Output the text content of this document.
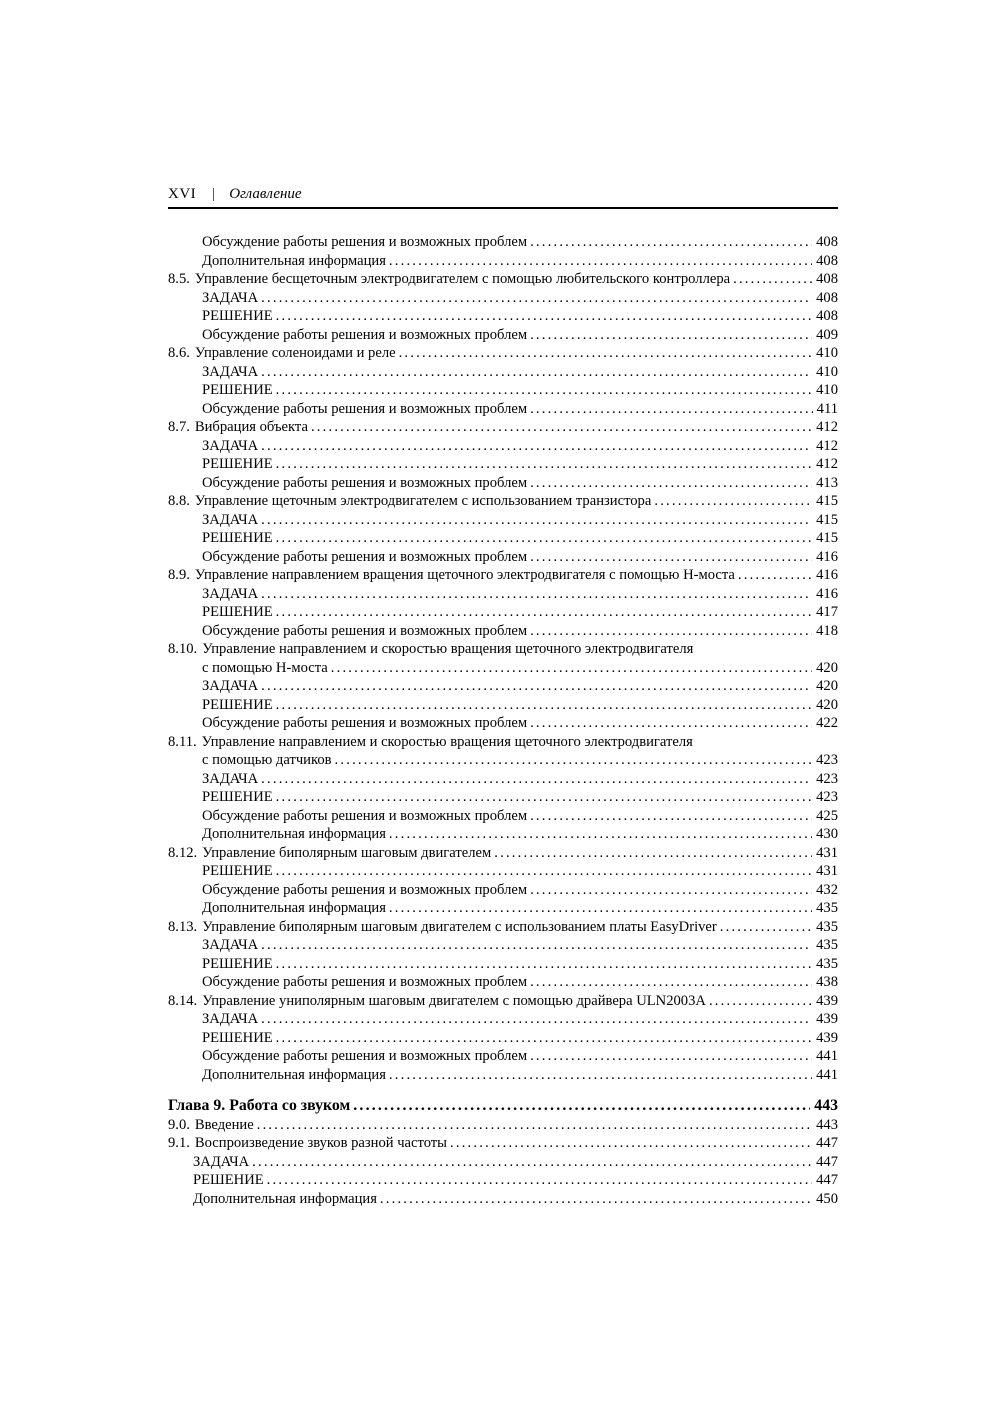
XVI | Оглавление
Обсуждение работы решения и возможных проблем .....	408
Дополнительная информация .....	408
8.5. Управление бесщеточным электродвигателем с помощью любительского контроллера .....	408
ЗАДАЧА .....	408
РЕШЕНИЕ .....	408
Обсуждение работы решения и возможных проблем .....	409
8.6. Управление соленоидами и реле .....	410
ЗАДАЧА .....	410
РЕШЕНИЕ .....	410
Обсуждение работы решения и возможных проблем .....	411
8.7. Вибрация объекта .....	412
ЗАДАЧА .....	412
РЕШЕНИЕ .....	412
Обсуждение работы решения и возможных проблем .....	413
8.8. Управление щеточным электродвигателем с использованием транзистора .....	415
ЗАДАЧА .....	415
РЕШЕНИЕ .....	415
Обсуждение работы решения и возможных проблем .....	416
8.9. Управление направлением вращения щеточного электродвигателя с помощью H-моста .....	416
ЗАДАЧА .....	416
РЕШЕНИЕ .....	417
Обсуждение работы решения и возможных проблем .....	418
8.10. Управление направлением и скоростью вращения щеточного электродвигателя
с помощью H-моста .....	420
ЗАДАЧА .....	420
РЕШЕНИЕ .....	420
Обсуждение работы решения и возможных проблем .....	422
8.11. Управление направлением и скоростью вращения щеточного электродвигателя
с помощью датчиков .....	423
ЗАДАЧА .....	423
РЕШЕНИЕ .....	423
Обсуждение работы решения и возможных проблем .....	425
Дополнительная информация .....	430
8.12. Управление биполярным шаговым двигателем .....	431
РЕШЕНИЕ .....	431
Обсуждение работы решения и возможных проблем .....	432
Дополнительная информация .....	435
8.13. Управление биполярным шаговым двигателем с использованием платы EasyDriver .....	435
ЗАДАЧА .....	435
РЕШЕНИЕ .....	435
Обсуждение работы решения и возможных проблем .....	438
8.14. Управление униполярным шаговым двигателем с помощью драйвера ULN2003A .....	439
ЗАДАЧА .....	439
РЕШЕНИЕ .....	439
Обсуждение работы решения и возможных проблем .....	441
Дополнительная информация .....	441
Глава 9. Работа со звуком .....	443
9.0. Введение .....	443
9.1. Воспроизведение звуков разной частоты .....	447
ЗАДАЧА .....	447
РЕШЕНИЕ .....	447
Дополнительная информация .....	450
